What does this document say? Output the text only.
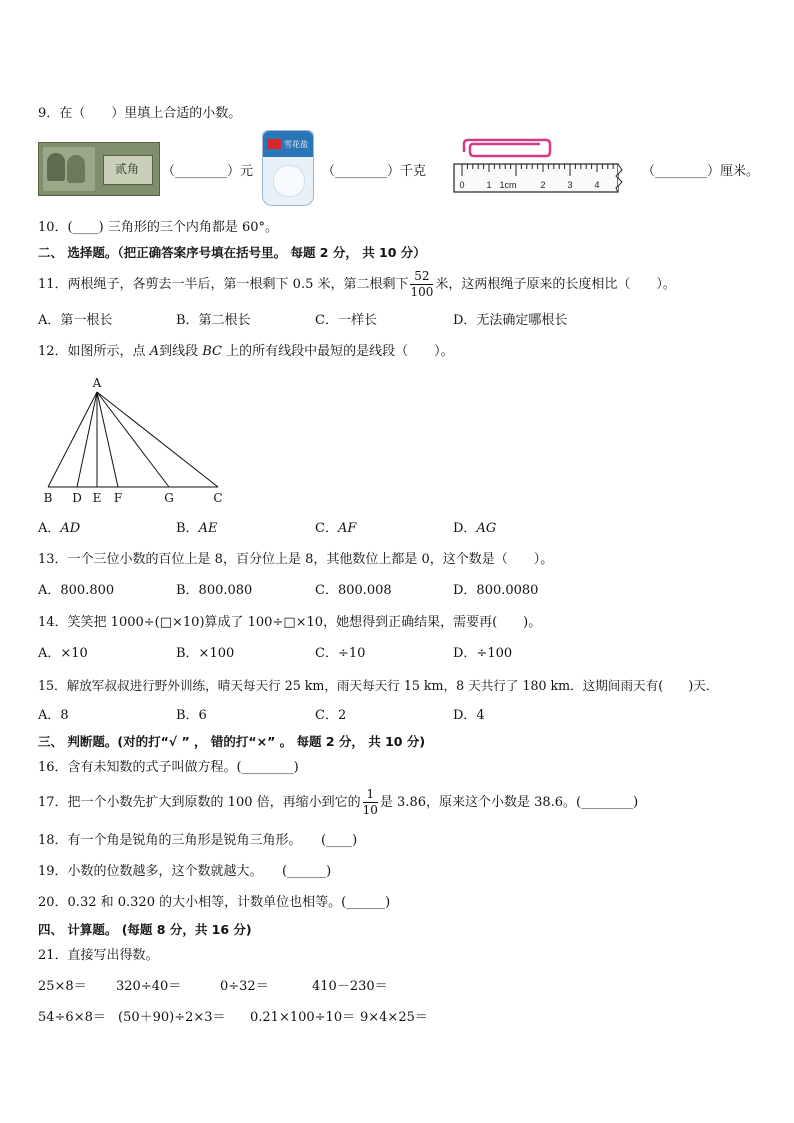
9．在（　　）里填上合适的小数。
贰角	（________）元
雪花盐
（________）千克
0 1 1cm	2 3 4
（________）厘米。
10．(____) 三角形的三个内角都是 60°。
二、 选择题。（把正确答案序号填在括号里。 每题 2 分， 共 10 分）
11．两根绳子，各剪去一半后，第一根剩下 0.5 米，第二根剩下 $\frac{52}{100}$ 米，这两根绳子原来的长度相比（　　）。
A．第一根长	B．第二根长	C．一样长	D．无法确定哪根长
12．如图所示，点 A到线段 BC 上的所有线段中最短的是线段（　　）。
A
B D E F	G	C
A．AD	B．AE	C．AF	D．AG
13．一个三位小数的百位上是 8，百分位上是 8，其他数位上都是 0，这个数是（　　）。
A．800.800	B．800.080	C．800.008	D．800.0080
14．笑笑把 1000÷(□×10)算成了 100÷□×10，她想得到正确结果，需要再(　　)。
A．×10	B．×100	C．÷10	D．÷100
15．解放军叔叔进行野外训练，晴天每天行 25 km，雨天每天行 15 km，8 天共行了 180 km．这期间雨天有(　　)天．
A．8	B．6	C．2	D．4
三、 判断题。(对的打“√ ” ， 错的打“×” 。 每题 2 分， 共 10 分)
16．含有未知数的式子叫做方程。(________)
17．把一个小数先扩大到原数的 100 倍，再缩小到它的 $\frac{1}{10}$ 是 3.86，原来这个小数是 38.6。(________)
18．有一个角是锐角的三角形是锐角三角形。　　(____)
19．小数的位数越多，这个数就越大。　　(______)
20．0.32 和 0.320 的大小相等，计数单位也相等。(______)
四、 计算题。 (每题 8 分，共 16 分)
21．直接写出得数。
25×8＝ 320÷40＝	0÷32＝	410－230＝
54÷6×8＝ (50＋90)÷2×3＝ 0.21×100÷10＝ 9×4×25＝
